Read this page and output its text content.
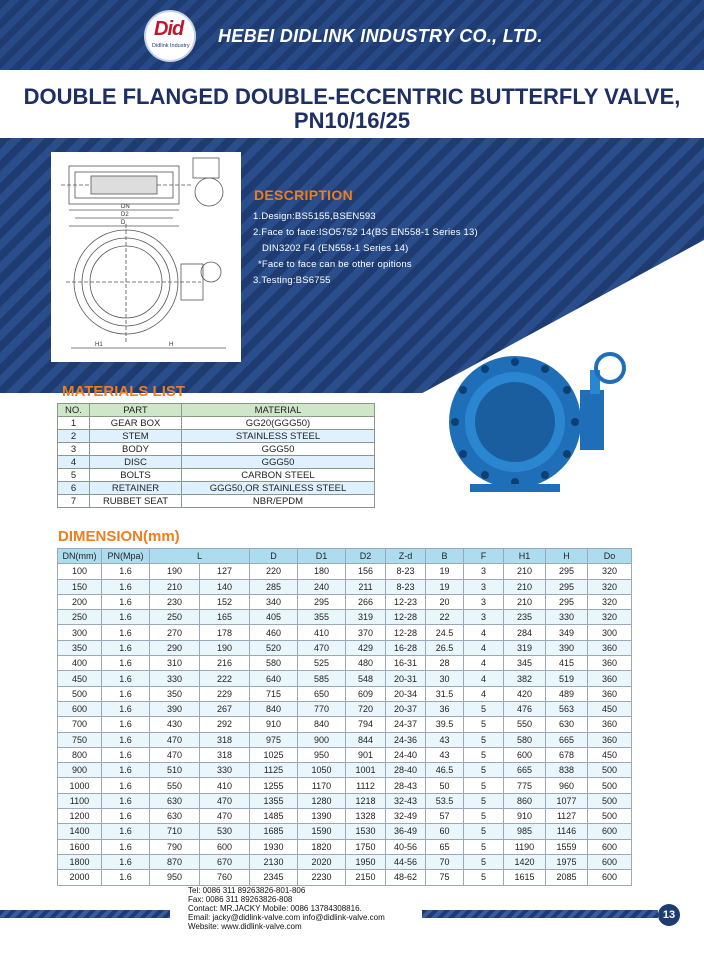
Did
Didlink Industry HEBEI DIDLINK INDUSTRY CO., LTD.
DOUBLE FLANGED DOUBLE-ECCENTRIC BUTTERFLY VALVE,
PN10/16/25
DN
D2
D
H1	H
DESCRIPTION
1.Design:BS5155,BSEN593
2.Face to face:ISO5752 14(BS EN558-1 Series 13)
DIN3202 F4 (EN558-1 Series 14)
*Face to face can be other opitions
3.Testing:BS6755
MATERIALS LIST
NO.	PART	MATERIAL
1	GEAR BOX	GG20(GGG50)
2	STEM	STAINLESS STEEL
3	BODY	GGG50
4	DISC	GGG50
5	BOLTS	CARBON STEEL
6	RETAINER	GGG50,OR STAINLESS STEEL
7	RUBBET SEAT	NBR/EPDM
DIMENSION(mm)
DN(mm)	PN(Mpa)	L		D	D1	D2	Z-d	B	F	H1	H	Do
100	1.6	190	127	220	180	156	8-23	19	3	210	295	320
150	1.6	210	140	285	240	211	8-23	19	3	210	295	320
200	1.6	230	152	340	295	266	12-23	20	3	210	295	320
250	1.6	250	165	405	355	319	12-28	22	3	235	330	320
300	1.6	270	178	460	410	370	12-28	24.5	4	284	349	300
350	1.6	290	190	520	470	429	16-28	26.5	4	319	390	360
400	1.6	310	216	580	525	480	16-31	28	4	345	415	360
450	1.6	330	222	640	585	548	20-31	30	4	382	519	360
500	1.6	350	229	715	650	609	20-34	31.5	4	420	489	360
600	1.6	390	267	840	770	720	20-37	36	5	476	563	450
700	1.6	430	292	910	840	794	24-37	39.5	5	550	630	360
750	1.6	470	318	975	900	844	24-36	43	5	580	665	360
800	1.6	470	318	1025	950	901	24-40	43	5	600	678	450
900	1.6	510	330	1125	1050	1001	28-40	46.5	5	665	838	500
1000	1.6	550	410	1255	1170	1112	28-43	50	5	775	960	500
1100	1.6	630	470	1355	1280	1218	32-43	53.5	5	860	1077	500
1200	1.6	630	470	1485	1390	1328	32-49	57	5	910	1127	500
1400	1.6	710	530	1685	1590	1530	36-49	60	5	985	1146	600
1600	1.6	790	600	1930	1820	1750	40-56	65	5	1190	1559	600
1800	1.6	870	670	2130	2020	1950	44-56	70	5	1420	1975	600
2000	1.6	950	760	2345	2230	2150	48-62	75	5	1615	2085	600
Tel: 0086 311 89263826-801-806
Fax: 0086 311 89263826-808
Contact: MR.JACKY Mobile: 0086 13784308816.
Email: jacky@didlink-valve.com info@didlink-valve.com
Website: www.didlink-valve.com
13
